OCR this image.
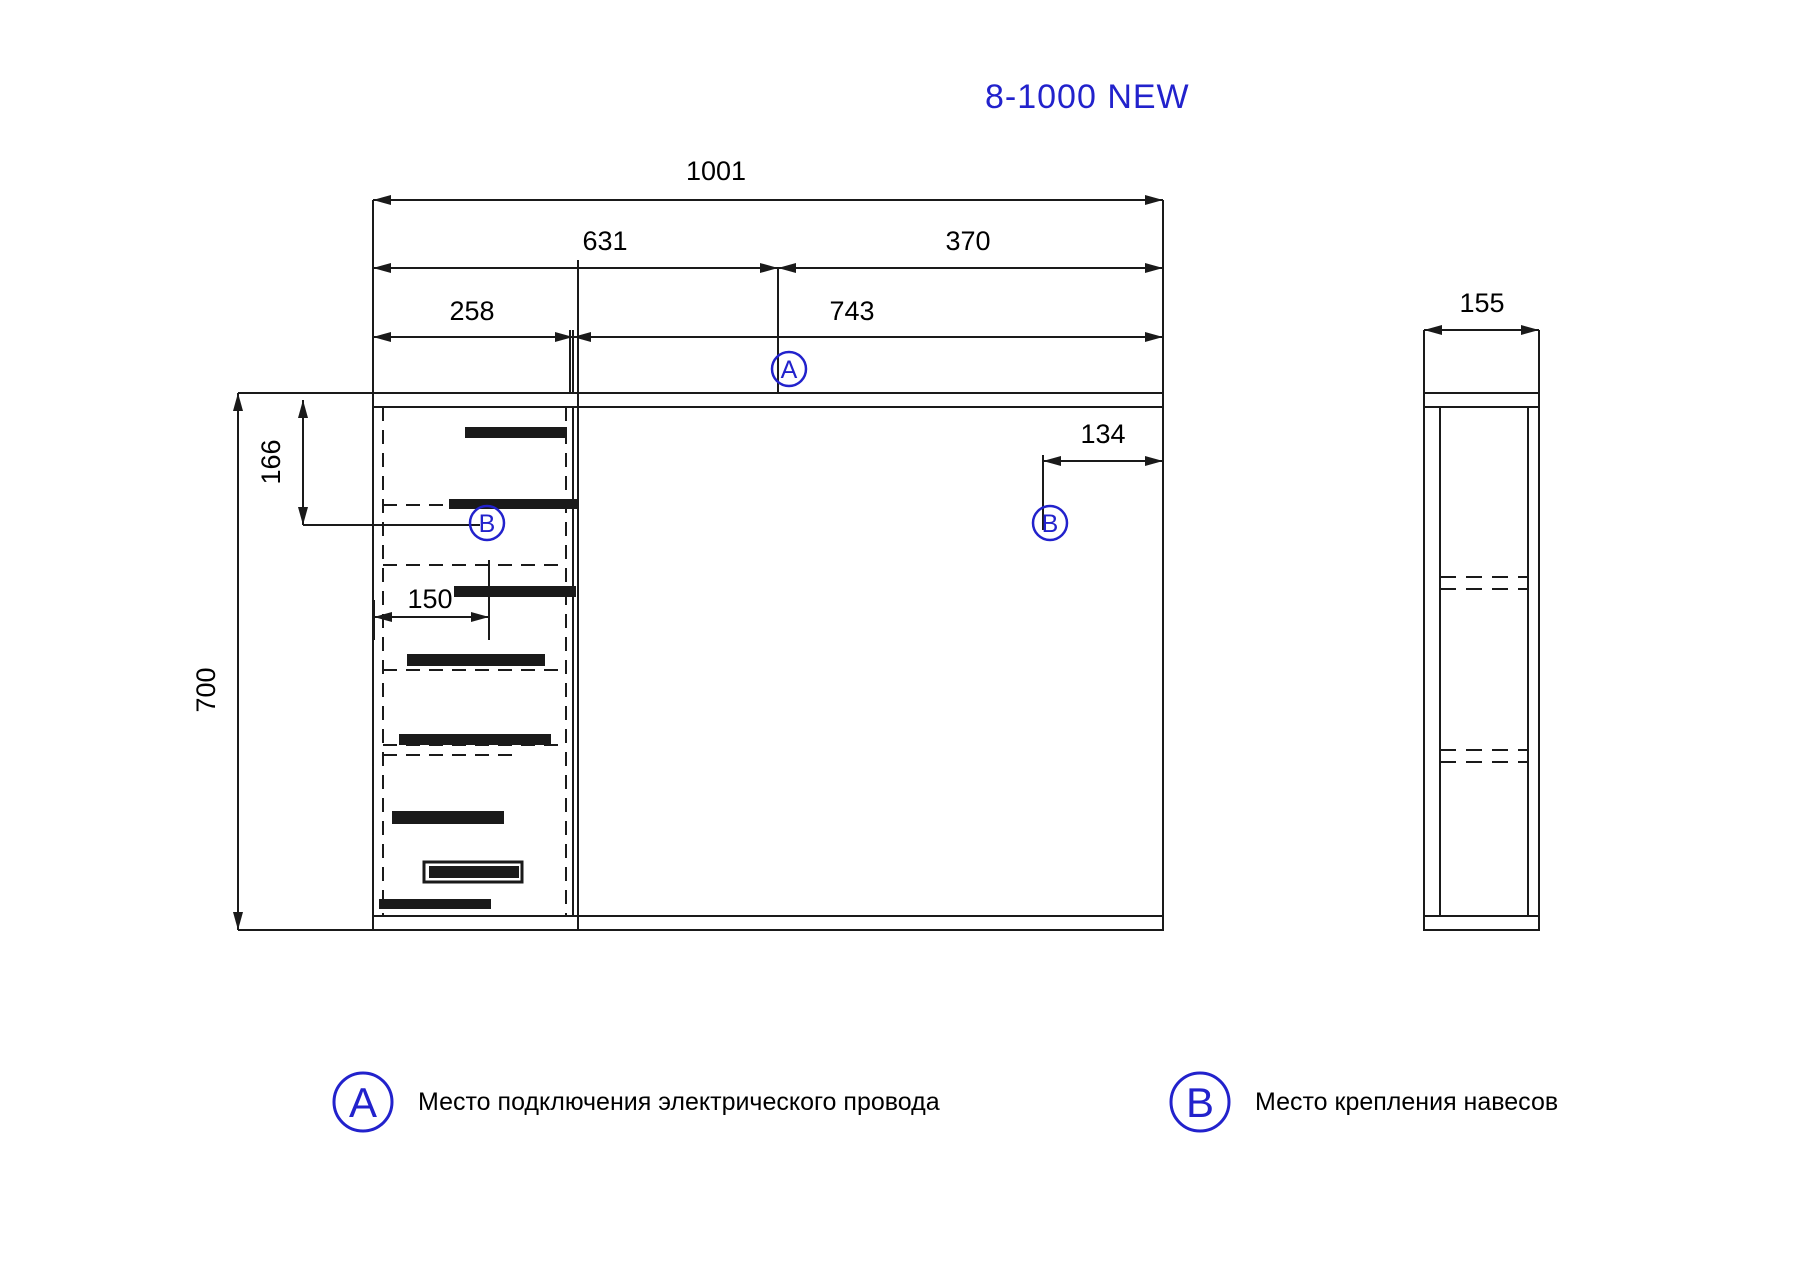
8-1000 NEW
1001
631	370
258	743
700
166
150
134
155
A
B	B
A	B
Место подключения электрического провода	Место крепления навесов
